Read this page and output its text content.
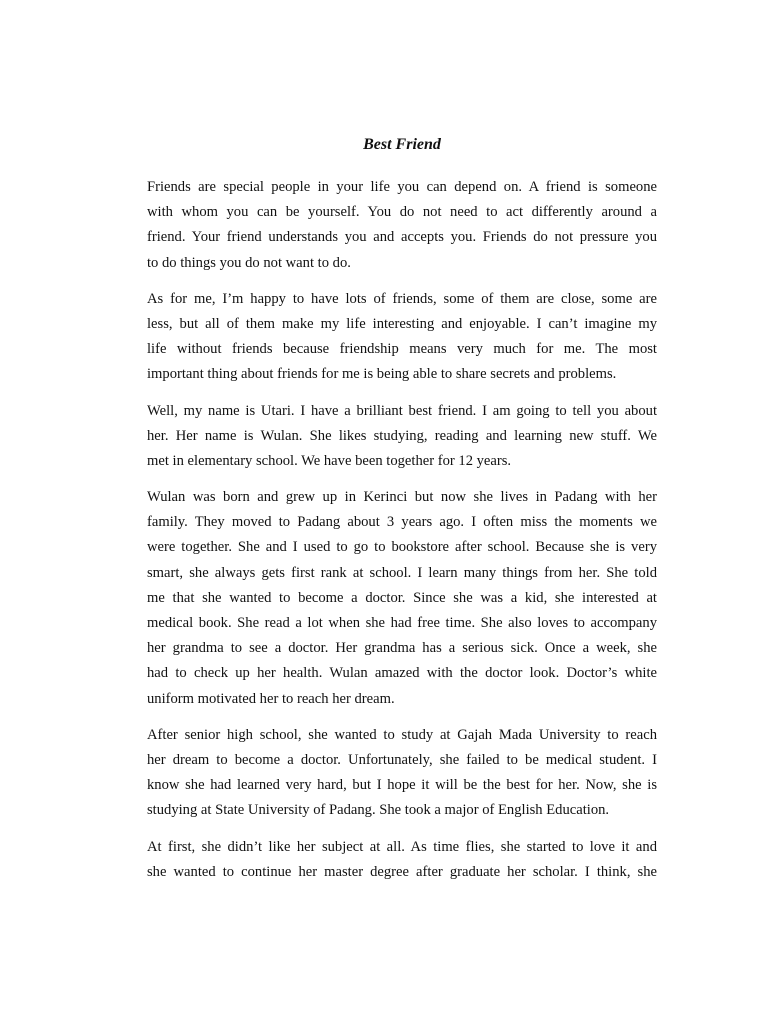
Best Friend
Friends are special people in your life you can depend on. A friend is someone
with whom you can be yourself. You do not need to act differently around a
friend. Your friend understands you and accepts you. Friends do not pressure you
to do things you do not want to do.
As for me, I’m happy to have lots of friends, some of them are close, some are
less, but all of them make my life interesting and enjoyable. I can’t imagine my
life without friends because friendship means very much for me. The most
important thing about friends for me is being able to share secrets and problems.
Well, my name is Utari. I have a brilliant best friend. I am going to tell you about
her. Her name is Wulan. She likes studying, reading and learning new stuff. We
met in elementary school. We have been together for 12 years.
Wulan was born and grew up in Kerinci but now she lives in Padang with her
family. They moved to Padang about 3 years ago. I often miss the moments we
were together. She and I used to go to bookstore after school. Because she is very
smart, she always gets first rank at school. I learn many things from her. She told
me that she wanted to become a doctor. Since she was a kid, she interested at
medical book. She read a lot when she had free time. She also loves to accompany
her grandma to see a doctor. Her grandma has a serious sick. Once a week, she
had to check up her health. Wulan amazed with the doctor look. Doctor’s white
uniform motivated her to reach her dream.
After senior high school, she wanted to study at Gajah Mada University to reach
her dream to become a doctor. Unfortunately, she failed to be medical student. I
know she had learned very hard, but I hope it will be the best for her. Now, she is
studying at State University of Padang. She took a major of English Education.
At first, she didn’t like her subject at all. As time flies, she started to love it and
she wanted to continue her master degree after graduate her scholar. I think, she
